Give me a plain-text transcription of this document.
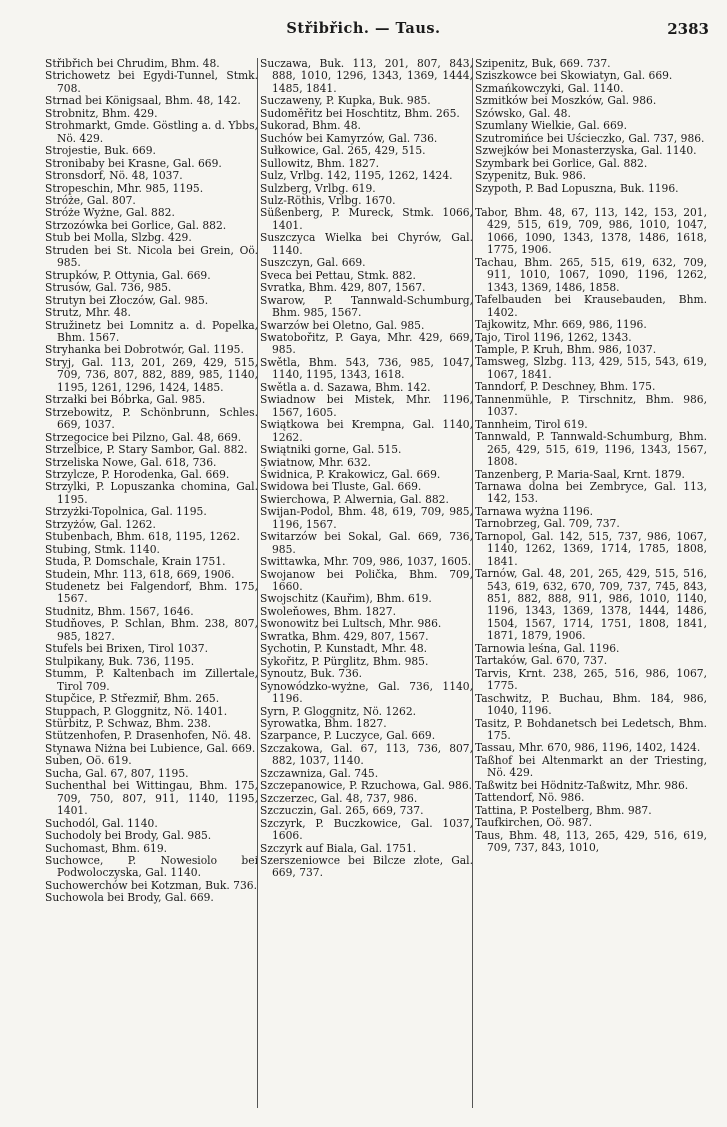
Střibřich. — Taus.	2383

Střibřich bei Chrudim, Bhm. 48.

Strichowetz bei Egydi-Tunnel, Stmk. 708.

Strnad bei Königsaal, Bhm. 48, 142.

Strobnitz, Bhm. 429.

Strohmarkt, Gmde. Göstling a. d. Ybbs, Nö. 429.

Strojestie, Buk. 669.

Stronibaby bei Krasne, Gal. 669.

Stronsdorf, Nö. 48, 1037.

Stropeschin, Mhr. 985, 1195.

Stróże, Gal. 807.

Stróże Wyżne, Gal. 882.

Strzozówka bei Gorlice, Gal. 882.

Stub bei Molla, Slzbg. 429.

Struden bei St. Nicola bei Grein, Oö. 985.

Strupków, P. Ottynia, Gal. 669.

Strusów, Gal. 736, 985.

Strutyn bei Złoczów, Gal. 985.

Strutz, Mhr. 48.

Stružinetz bei Lomnitz a. d. Popelka, Bhm. 1567.

Stryhanka bei Dobrotwór, Gal. 1195.

Stryj, Gal. 113, 201, 269, 429, 515, 709, 736, 807, 882, 889, 985, 1140, 1195, 1261, 1296, 1424, 1485.

Strzałki bei Bóbrka, Gal. 985.

Strzebowitz, P. Schönbrunn, Schles. 669, 1037.

Strzegocice bei Pilzno, Gal. 48, 669.

Strzelbice, P. Stary Sambor, Gal. 882.

Strzeliska Nowe, Gal. 618, 736.

Strzylcze, P. Horodenka, Gal. 669.

Strzylki, P. Lopuszanka chomina, Gal. 1195.

Strzyżki-Topolnica, Gal. 1195.

Strzyżów, Gal. 1262.

Stubenbach, Bhm. 618, 1195, 1262.

Stubing, Stmk. 1140.

Studa, P. Domschale, Krain 1751.

Studein, Mhr. 113, 618, 669, 1906.

Studenetz bei Falgendorf, Bhm. 175, 1567.

Studnitz, Bhm. 1567, 1646.

Studňoves, P. Schlan, Bhm. 238, 807, 985, 1827.

Stufels bei Brixen, Tirol 1037.

Stulpikany, Buk. 736, 1195.

Stumm, P. Kaltenbach im Zillertale, Tirol 709.

Stupčice, P. Střezmiř, Bhm. 265.

Stuppach, P. Gloggnitz, Nö. 1401.

Stürbitz, P. Schwaz, Bhm. 238.

Stützenhofen, P. Drasenhofen, Nö. 48.

Stynawa Niżna bei Lubience, Gal. 669.

Suben, Oö. 619.

Sucha, Gal. 67, 807, 1195.

Suchenthal bei Wittingau, Bhm. 175, 709, 750, 807, 911, 1140, 1195, 1401.

Suchodól, Gal. 1140.

Suchodoly bei Brody, Gal. 985.

Suchomast, Bhm. 619.

Suchowce, P. Nowesiolo bei Podwoloczyska, Gal. 1140.

Suchowerchów bei Kotzman, Buk. 736.

Suchowola bei Brody, Gal. 669.

Suczawa, Buk. 113, 201, 807, 843, 888, 1010, 1296, 1343, 1369, 1444, 1485, 1841.

Suczaweny, P. Kupka, Buk. 985.

Sudoměřitz bei Hoschtitz, Bhm. 265.

Sukorad, Bhm. 48.

Suchów bei Kamyrzów, Gal. 736.

Sułkowice, Gal. 265, 429, 515.

Sullowitz, Bhm. 1827.

Sulz, Vrlbg. 142, 1195, 1262, 1424.

Sulzberg, Vrlbg. 619.

Sulz-Röthis, Vrlbg. 1670.

Süßenberg, P. Mureck, Stmk. 1066, 1401.

Suszczyca Wielka bei Chyrów, Gal. 1140.

Suszczyn, Gal. 669.

Sveca bei Pettau, Stmk. 882.

Svratka, Bhm. 429, 807, 1567.

Swarow, P. Tannwald-Schumburg, Bhm. 985, 1567.

Swarzów bei Oletno, Gal. 985.

Swatobořitz, P. Gaya, Mhr. 429, 669, 985.

Swětla, Bhm. 543, 736, 985, 1047, 1140, 1195, 1343, 1618.

Swětla a. d. Sazawa, Bhm. 142.

Swiadnow bei Mistek, Mhr. 1196, 1567, 1605.

Swiątkowa bei Krempna, Gal. 1140, 1262.

Swiątniki gorne, Gal. 515.

Swiatnow, Mhr. 632.

Świdnica, P. Krakowicz, Gal. 669.

Swidowa bei Tluste, Gal. 669.

Swierchowa, P. Alwernia, Gal. 882.

Swijan-Podol, Bhm. 48, 619, 709, 985, 1196, 1567.

Switarzów bei Sokal, Gal. 669, 736, 985.

Swittawka, Mhr. 709, 986, 1037, 1605.

Swojanow bei Polička, Bhm. 709, 1660.

Swojschitz (Kauřim), Bhm. 619.

Swoleňowes, Bhm. 1827.

Swonowitz bei Lultsch, Mhr. 986.

Swratka, Bhm. 429, 807, 1567.

Sychotin, P. Kunstadt, Mhr. 48.

Sykořitz, P. Pürglitz, Bhm. 985.

Synoutz, Buk. 736.

Synowódzko-wyżne, Gal. 736, 1140, 1196.

Syrn, P. Gloggnitz, Nö. 1262.

Syrowatka, Bhm. 1827.

Szarpance, P. Luczyce, Gal. 669.

Szczakowa, Gal. 67, 113, 736, 807, 882, 1037, 1140.

Szczawniza, Gal. 745.

Szczepanowice, P. Rzuchowa, Gal. 986.

Szczerzec, Gal. 48, 737, 986.

Szczuczin, Gal. 265, 669, 737.

Szczyrk, P. Buczkowice, Gal. 1037, 1606.

Szczyrk auf Biala, Gal. 1751.

Szerszeniowce bei Bilcze złote, Gal. 669, 737.

Szipenitz, Buk, 669. 737.

Sziszkowce bei Skowiatyn, Gal. 669.

Szmańkowczyki, Gal. 1140.

Szmitków bei Moszków, Gal. 986.

Szówsko, Gal. 48.

Szumlany Wielkie, Gal. 669.

Szutromińce bei Uścieczko, Gal. 737, 986.

Szwejków bei Monasterzyska, Gal. 1140.

Szymbark bei Gorlice, Gal. 882.

Szypenitz, Buk. 986.

Szypoth, P. Bad Lopuszna, Buk. 1196.

Tabor, Bhm. 48, 67, 113, 142, 153, 201, 429, 515, 619, 709, 986, 1010, 1047, 1066, 1090, 1343, 1378, 1486, 1618, 1775, 1906.

Tachau, Bhm. 265, 515, 619, 632, 709, 911, 1010, 1067, 1090, 1196, 1262, 1343, 1369, 1486, 1858.

Tafelbauden bei Krausebauden, Bhm. 1402.

Tajkowitz, Mhr. 669, 986, 1196.

Tajo, Tirol 1196, 1262, 1343.

Tample, P. Kruh, Bhm. 986, 1037.

Tamsweg, Slzbg. 113, 429, 515, 543, 619, 1067, 1841.

Tanndorf, P. Deschney, Bhm. 175.

Tannenmühle, P. Tirschnitz, Bhm. 986, 1037.

Tannheim, Tirol 619.

Tannwald, P. Tannwald-Schumburg, Bhm. 265, 429, 515, 619, 1196, 1343, 1567, 1808.

Tanzenberg, P. Maria-Saal, Krnt. 1879.

Tarnawa dolna bei Zembryce, Gal. 113, 142, 153.

Tarnawa wyżna 1196.

Tarnobrzeg, Gal. 709, 737.

Tarnopol, Gal. 142, 515, 737, 986, 1067, 1140, 1262, 1369, 1714, 1785, 1808, 1841.

Tarnów, Gal. 48, 201, 265, 429, 515, 516, 543, 619, 632, 670, 709, 737, 745, 843, 851, 882, 888, 911, 986, 1010, 1140, 1196, 1343, 1369, 1378, 1444, 1486, 1504, 1567, 1714, 1751, 1808, 1841, 1871, 1879, 1906.

Tarnowia leśna, Gal. 1196.

Tartaków, Gal. 670, 737.

Tarvis, Krnt. 238, 265, 516, 986, 1067, 1775.

Taschwitz, P. Buchau, Bhm. 184, 986, 1040, 1196.

Tasitz, P. Bohdanetsch bei Ledetsch, Bhm. 175.

Tassau, Mhr. 670, 986, 1196, 1402, 1424.

Taßhof bei Altenmarkt an der Triesting, Nö. 429.

Taßwitz bei Hödnitz-Taßwitz, Mhr. 986.

Tattendorf, Nö. 986.

Tattina, P. Postelberg, Bhm. 987.

Taufkirchen, Oö. 987.

Taus, Bhm. 48, 113, 265, 429, 516, 619, 709, 737, 843, 1010,
